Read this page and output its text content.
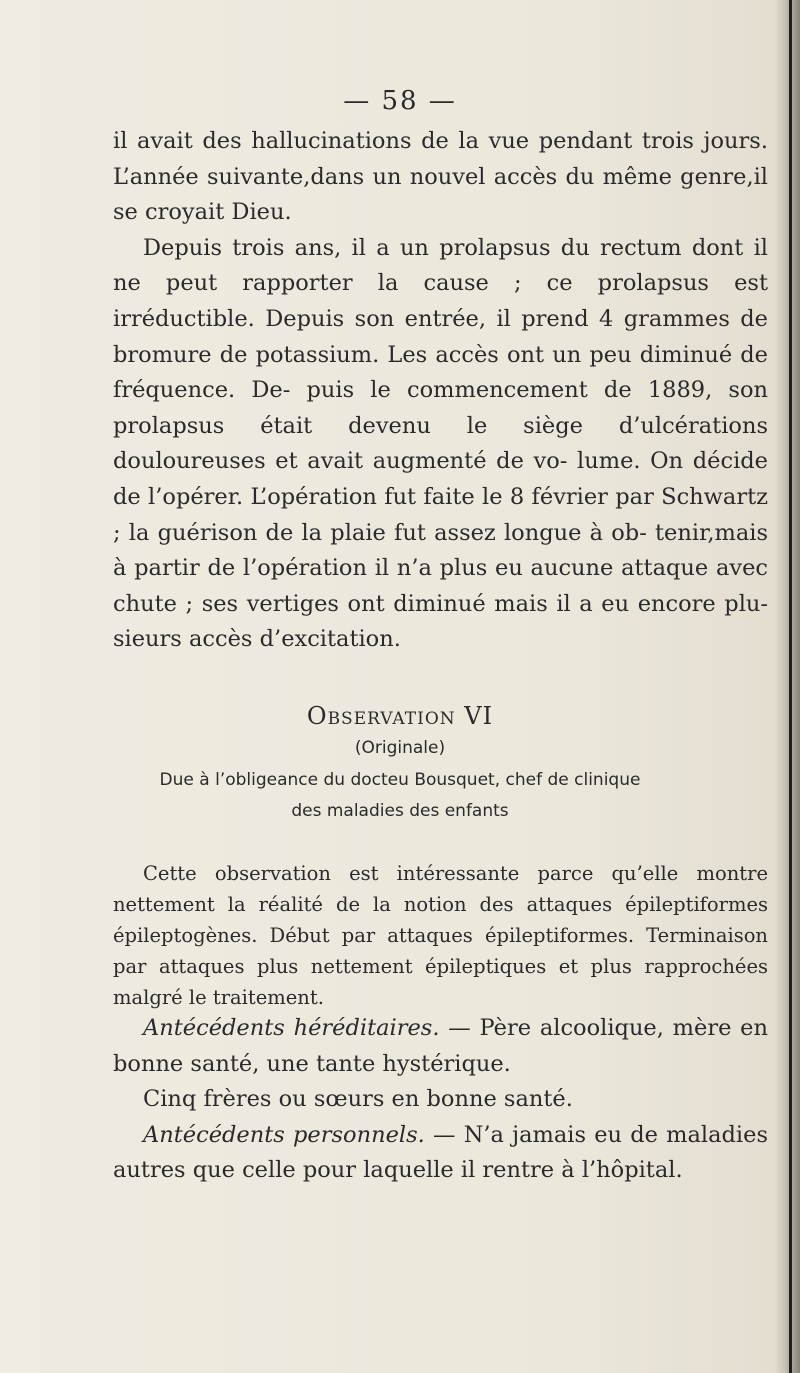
— 58 —

il avait des hallucinations de la vue pendant trois jours. L’année suivante,dans un nouvel accès du même genre,il se croyait Dieu.

Depuis trois ans, il a un prolapsus du rectum dont il ne peut rapporter la cause ; ce prolapsus est irréductible. Depuis son entrée, il prend 4 grammes de bromure de potassium. Les accès ont un peu diminué de fréquence. De- puis le commencement de 1889, son prolapsus était devenu le siège d’ulcérations douloureuses et avait augmenté de vo- lume. On décide de l’opérer. L’opération fut faite le 8 février par Schwartz ; la guérison de la plaie fut assez longue à ob- tenir,mais à partir de l’opération il n’a plus eu aucune attaque avec chute ; ses vertiges ont diminué mais il a eu encore plu- sieurs accès d’excitation.

Observation VI
(Originale)
Due à l’obligeance du docteu Bousquet, chef de clinique
des maladies des enfants

Cette observation est intéressante parce qu’elle montre nettement la réalité de la notion des attaques épileptiformes épileptogènes. Début par attaques épileptiformes. Terminaison par attaques plus nettement épileptiques et plus rapprochées malgré le traitement.

Antécédents héréditaires. — Père alcoolique, mère en bonne santé, une tante hystérique.

Cinq frères ou sœurs en bonne santé.

Antécédents personnels. — N’a jamais eu de maladies autres que celle pour laquelle il rentre à l’hôpital.
